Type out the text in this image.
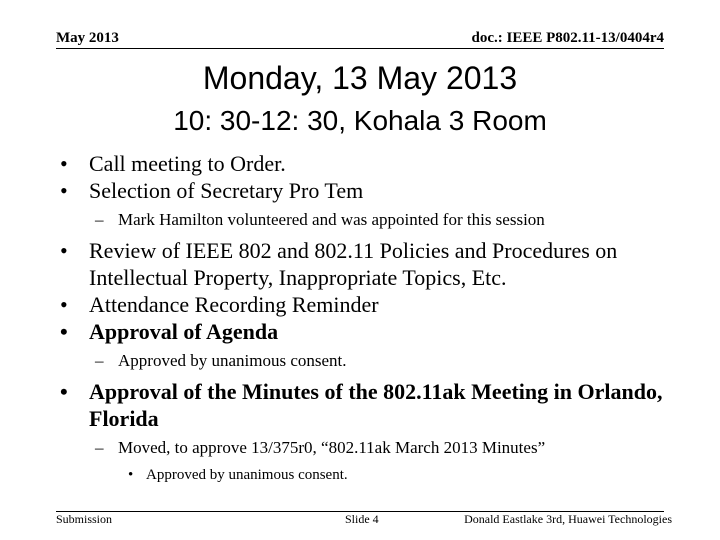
May 2013	doc.: IEEE P802.11-13/0404r4
Monday, 13 May 2013
10: 30-12: 30, Kohala 3 Room

• Call meeting to Order.

• Selection of Secretary Pro Tem

– Mark Hamilton volunteered and was appointed for this session

• Review of IEEE 802 and 802.11 Policies and Procedures on Intellectual Property, Inappropriate Topics, Etc.

• Attendance Recording Reminder

• Approval of Agenda

– Approved by unanimous consent.

• Approval of the Minutes of the 802.11ak Meeting in Orlando, Florida

– Moved, to approve 13/375r0, “802.11ak March 2013 Minutes”

• Approved by unanimous consent.

Submission	Slide 4	Donald Eastlake 3rd, Huawei Technologies
